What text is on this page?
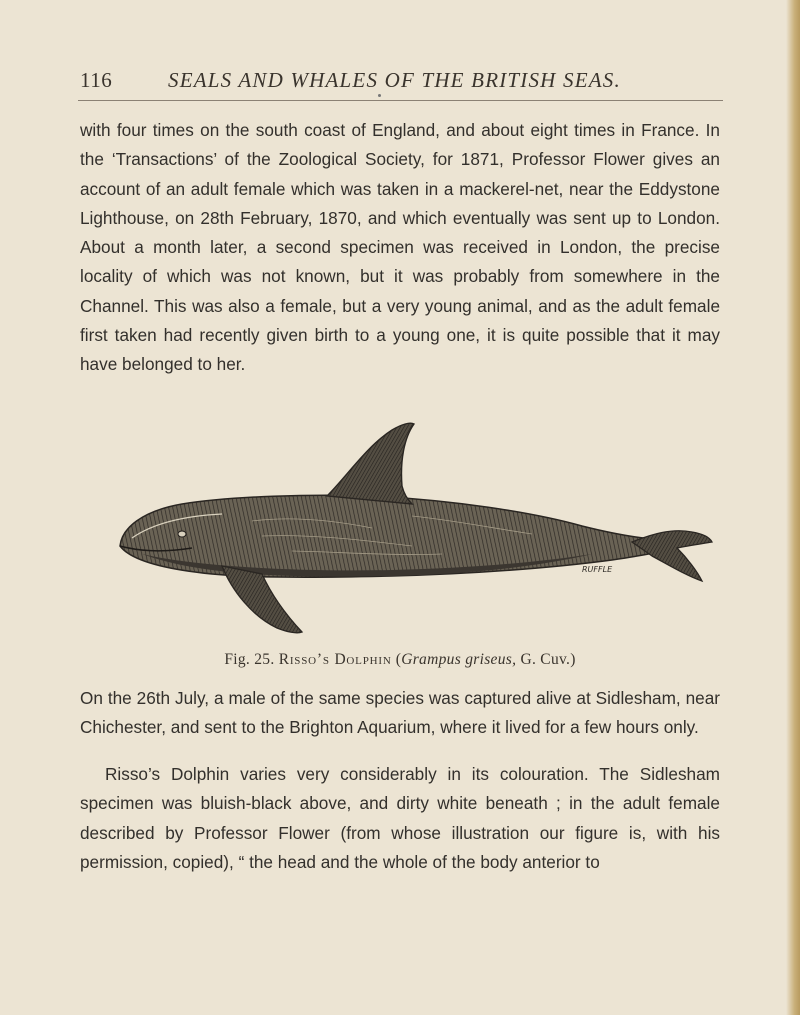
116	SEALS AND WHALES OF THE BRITISH SEAS.

with four times on the south coast of England, and about eight times in France. In the ‘Transactions’ of the Zoological Society, for 1871, Professor Flower gives an account of an adult female which was taken in a mackerel-net, near the Eddystone Lighthouse, on 28th February, 1870, and which eventually was sent up to London. About a month later, a second specimen was received in London, the precise locality of which was not known, but it was probably from somewhere in the Channel. This was also a female, but a very young animal, and as the adult female first taken had recently given birth to a young one, it is quite possible that it may have belonged to her.

RUFFLE
Fig. 25. Risso’s Dolphin (Grampus griseus, G. Cuv.)

On the 26th July, a male of the same species was captured alive at Sidlesham, near Chichester, and sent to the Brighton Aquarium, where it lived for a few hours only.

Risso’s Dolphin varies very considerably in its colouration. The Sidlesham specimen was bluish-black above, and dirty white beneath ; in the adult female described by Professor Flower (from whose illustration our figure is, with his permission, copied), “ the head and the whole of the body anterior to
